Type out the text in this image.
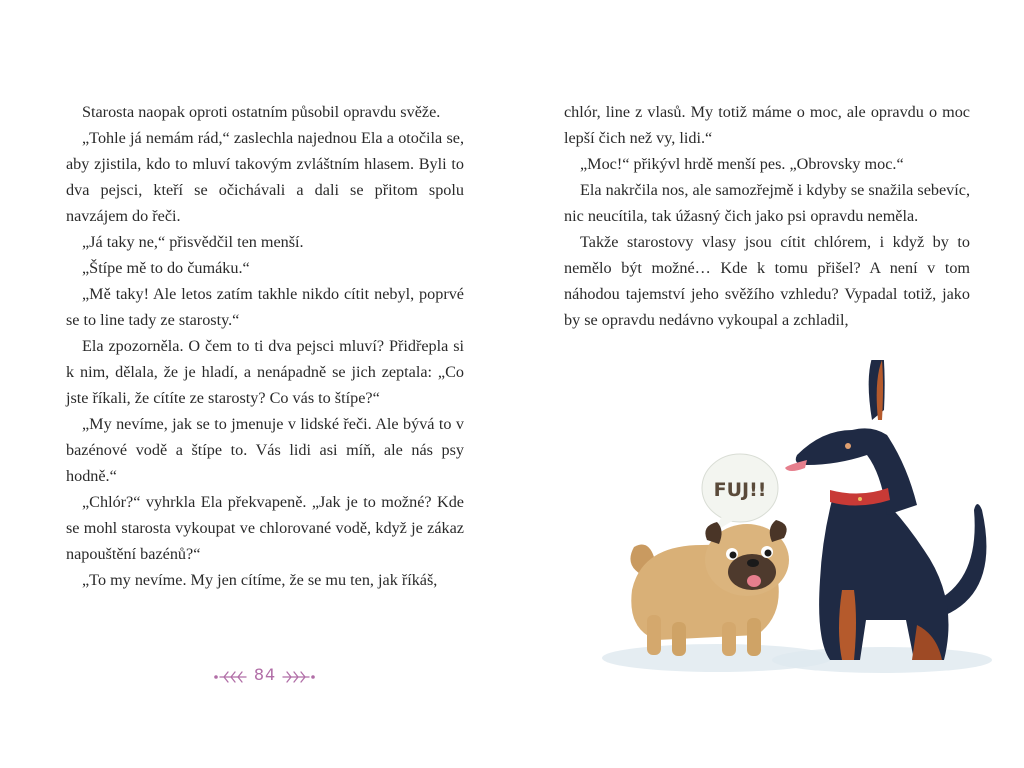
Starosta naopak oproti ostatním působil opravdu svěže.

„Tohle já nemám rád,“ zaslechla najednou Ela a otočila se, aby zjistila, kdo to mluví takovým zvláštním hlasem. Byli to dva pejsci, kteří se očichávali a dali se přitom spolu navzájem do řeči.

„Já taky ne,“ přisvědčil ten menší.

„Štípe mě to do čumáku.“

„Mě taky! Ale letos zatím takhle nikdo cítit nebyl, poprvé se to line tady ze starosty.“

Ela zpozorněla. O čem to ti dva pejsci mluví? Přidřepla si k nim, dělala, že je hladí, a nenápadně se jich zeptala: „Co jste říkali, že cítíte ze starosty? Co vás to štípe?“

„My nevíme, jak se to jmenuje v lidské řeči. Ale bývá to v bazénové vodě a štípe to. Vás lidi asi míň, ale nás psy hodně.“

„Chlór?“ vyhrkla Ela překvapeně. „Jak je to možné? Kde se mohl starosta vykoupat ve chlorované vodě, když je zákaz napouštění bazénů?“

„To my nevíme. My jen cítíme, že se mu ten, jak říkáš,

84

chlór, line z vlasů. My totiž máme o moc, ale opravdu o moc lepší čich než vy, lidi.“

„Moc!“ přikývl hrdě menší pes. „Obrovsky moc.“

Ela nakrčila nos, ale samozřejmě i kdyby se snažila sebevíc, nic neucítila, tak úžasný čich jako psi opravdu neměla.

Takže starostovy vlasy jsou cítit chlórem, i když by to nemělo být možné… Kde k tomu přišel? A není v tom náhodou tajemství jeho svěžího vzhledu? Vypadal totiž, jako by se opravdu nedávno vykoupal a zchladil,

FUJ!!
